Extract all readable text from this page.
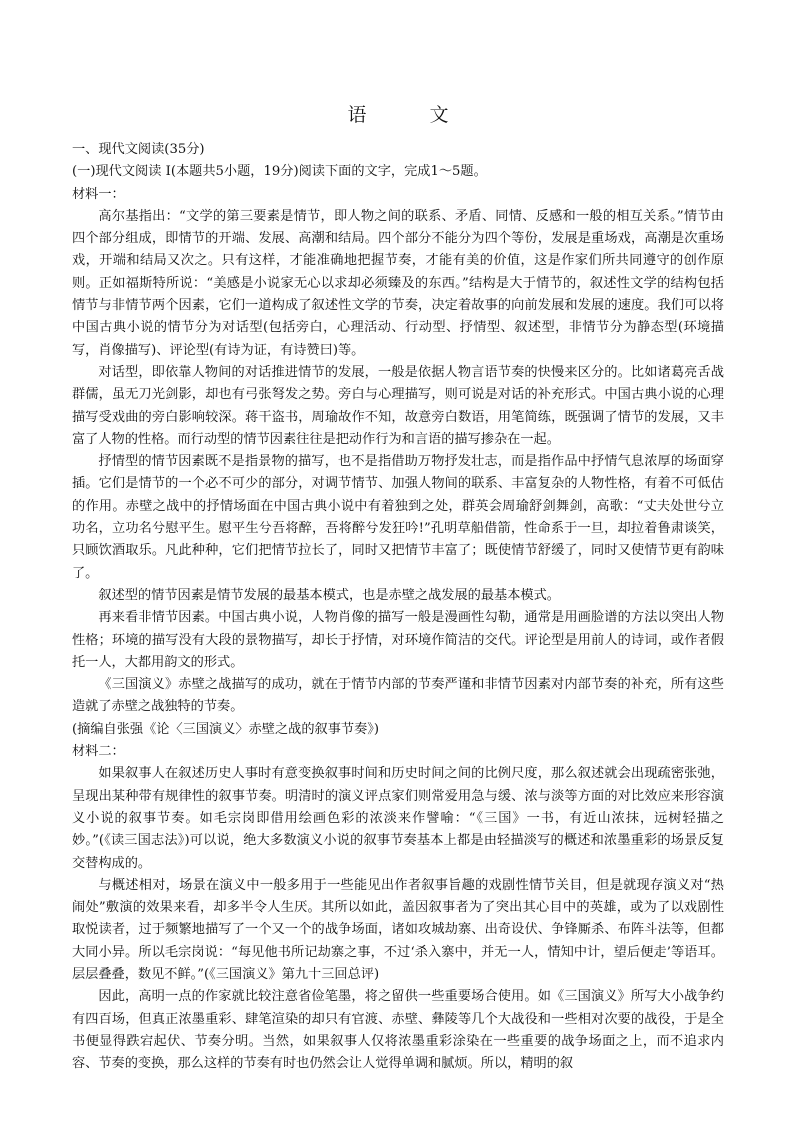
语　文

一、现代文阅读(35分)

(一)现代文阅读 I(本题共5小题，19分)阅读下面的文字，完成1～5题。

材料一：

高尔基指出：“文学的第三要素是情节，即人物之间的联系、矛盾、同情、反感和一般的相互关系。”情节由四个部分组成，即情节的开端、发展、高潮和结局。四个部分不能分为四个等份，发展是重场戏，高潮是次重场戏，开端和结局又次之。只有这样，才能准确地把握节奏，才能有美的价值，这是作家们所共同遵守的创作原则。正如福斯特所说：“美感是小说家无心以求却必须臻及的东西。”结构是大于情节的，叙述性文学的结构包括情节与非情节两个因素，它们一道构成了叙述性文学的节奏，决定着故事的向前发展和发展的速度。我们可以将中国古典小说的情节分为对话型(包括旁白，心理活动、行动型、抒情型、叙述型，非情节分为静态型(环境描写，肖像描写)、评论型(有诗为证，有诗赞曰)等。

对话型，即依靠人物间的对话推进情节的发展，一般是依据人物言语节奏的快慢来区分的。比如诸葛亮舌战群儒，虽无刀光剑影，却也有弓张弩发之势。旁白与心理描写，则可说是对话的补充形式。中国古典小说的心理描写受戏曲的旁白影响较深。蒋干盗书，周瑜故作不知，故意旁白数语，用笔简练，既强调了情节的发展，又丰富了人物的性格。而行动型的情节因素往往是把动作行为和言语的描写掺杂在一起。

抒情型的情节因素既不是指景物的描写，也不是指借助万物抒发壮志，而是指作品中抒情气息浓厚的场面穿插。它们是情节的一个必不可少的部分，对调节情节、加强人物间的联系、丰富复杂的人物性格，有着不可低估的作用。赤壁之战中的抒情场面在中国古典小说中有着独到之处，群英会周瑜舒剑舞剑，高歌：“丈夫处世兮立功名，立功名兮慰平生。慰平生兮吾将醉，吾将醉兮发狂吟!”孔明草船借箭，性命系于一旦，却拉着鲁肃谈笑，只顾饮酒取乐。凡此种种，它们把情节拉长了，同时又把情节丰富了；既使情节舒缓了，同时又使情节更有韵味了。

叙述型的情节因素是情节发展的最基本模式，也是赤壁之战发展的最基本模式。

再来看非情节因素。中国古典小说，人物肖像的描写一般是漫画性勾勒，通常是用画脸谱的方法以突出人物性格；环境的描写没有大段的景物描写，却长于抒情，对环境作简洁的交代。评论型是用前人的诗词，或作者假托一人，大都用韵文的形式。

《三国演义》赤壁之战描写的成功，就在于情节内部的节奏严谨和非情节因素对内部节奏的补充，所有这些造就了赤壁之战独特的节奏。

(摘编自张强《论〈三国演义〉赤壁之战的叙事节奏》)

材料二：

如果叙事人在叙述历史人事时有意变换叙事时间和历史时间之间的比例尺度，那么叙述就会出现疏密张弛，呈现出某种带有规律性的叙事节奏。明清时的演义评点家们则常爱用急与缓、浓与淡等方面的对比效应来形容演义小说的叙事节奏。如毛宗岗即借用绘画色彩的浓淡来作譬喻：“《三国》一书，有近山浓抹，远树轻描之妙。”(《读三国志法》)可以说，绝大多数演义小说的叙事节奏基本上都是由轻描淡写的概述和浓墨重彩的场景反复交替构成的。

与概述相对，场景在演义中一般多用于一些能见出作者叙事旨趣的戏剧性情节关目，但是就现存演义对“热闹处”敷演的效果来看，却多半令人生厌。其所以如此，盖因叙事者为了突出其心目中的英雄，或为了以戏剧性取悦读者，过于频繁地描写了一个又一个的战争场面，诸如攻城劫寨、出奇设伏、争锋厮杀、布阵斗法等，但都大同小异。所以毛宗岗说：“每见他书所记劫寨之事，不过‘杀入寨中，并无一人，情知中计，望后便走’等语耳。层层叠叠，数见不鲜。”(《三国演义》第九十三回总评)

因此，高明一点的作家就比较注意省俭笔墨，将之留供一些重要场合使用。如《三国演义》所写大小战争约有四百场，但真正浓墨重彩、肆笔渲染的却只有官渡、赤壁、彝陵等几个大战役和一些相对次要的战役，于是全书便显得跌宕起伏、节奏分明。当然，如果叙事人仅将浓墨重彩涂染在一些重要的战争场面之上，而不追求内容、节奏的变换，那么这样的节奏有时也仍然会让人觉得单调和腻烦。所以，精明的叙
